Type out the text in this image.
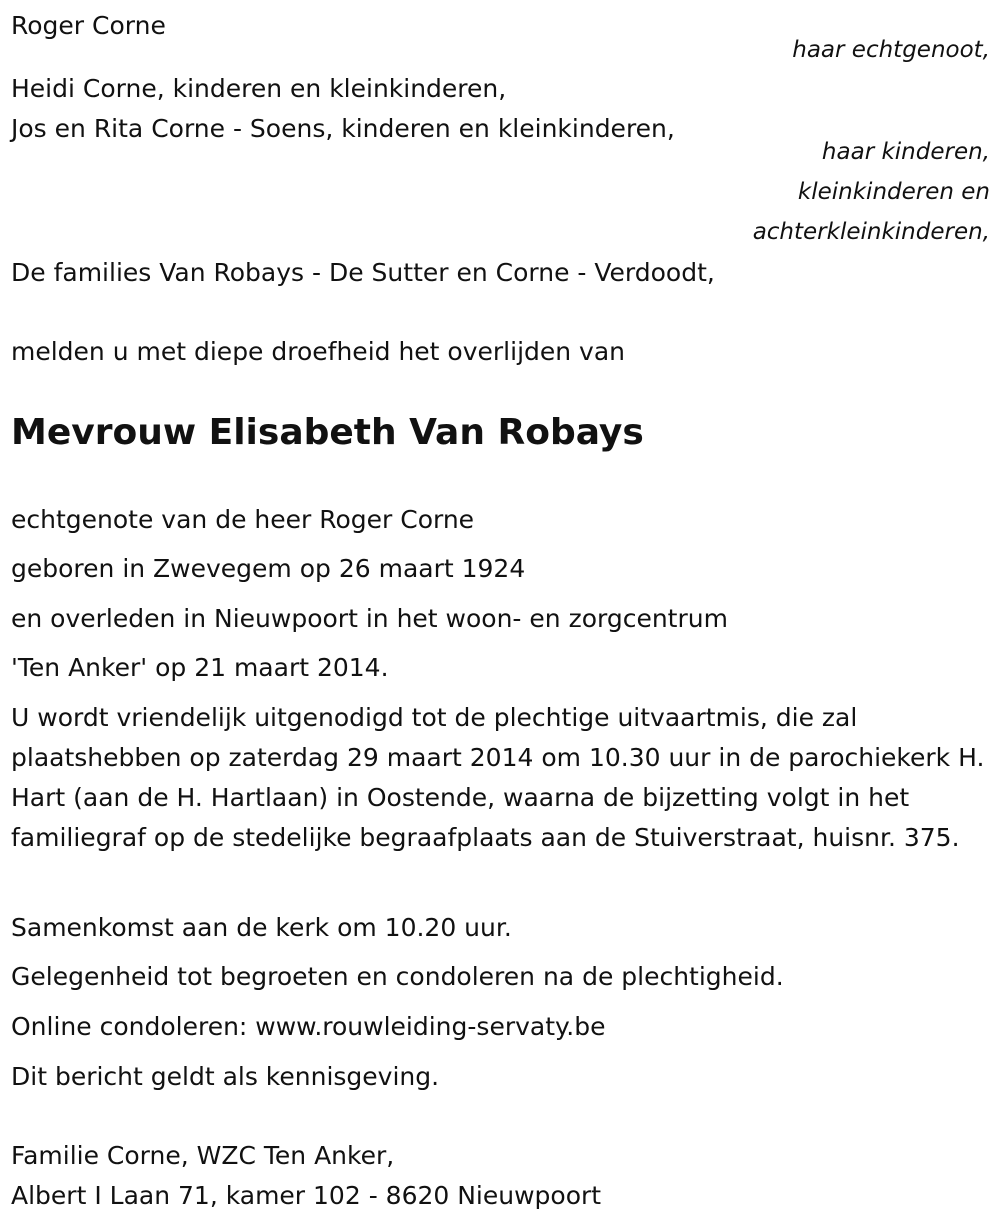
Roger Corne
haar echtgenoot,
Heidi Corne, kinderen en kleinkinderen,
Jos en Rita Corne - Soens, kinderen en kleinkinderen,
haar kinderen,
kleinkinderen en
achterkleinkinderen,
De families Van Robays - De Sutter en Corne - Verdoodt,
melden u met diepe droefheid het overlijden van
Mevrouw Elisabeth Van Robays
echtgenote van de heer Roger Corne
geboren in Zwevegem op 26 maart 1924
en overleden in Nieuwpoort in het woon- en zorgcentrum
'Ten Anker' op 21 maart 2014.
U wordt vriendelijk uitgenodigd tot de plechtige uitvaartmis, die zal plaatshebben op zaterdag 29 maart 2014 om 10.30 uur in de parochiekerk H. Hart (aan de H. Hartlaan) in Oostende, waarna de bijzetting volgt in het familiegraf op de stedelijke begraafplaats aan de Stuiverstraat, huisnr. 375.
Samenkomst aan de kerk om 10.20 uur.
Gelegenheid tot begroeten en condoleren na de plechtigheid.
Online condoleren: www.rouwleiding-servaty.be
Dit bericht geldt als kennisgeving.
Familie Corne, WZC Ten Anker,
Albert I Laan 71, kamer 102 - 8620 Nieuwpoort
